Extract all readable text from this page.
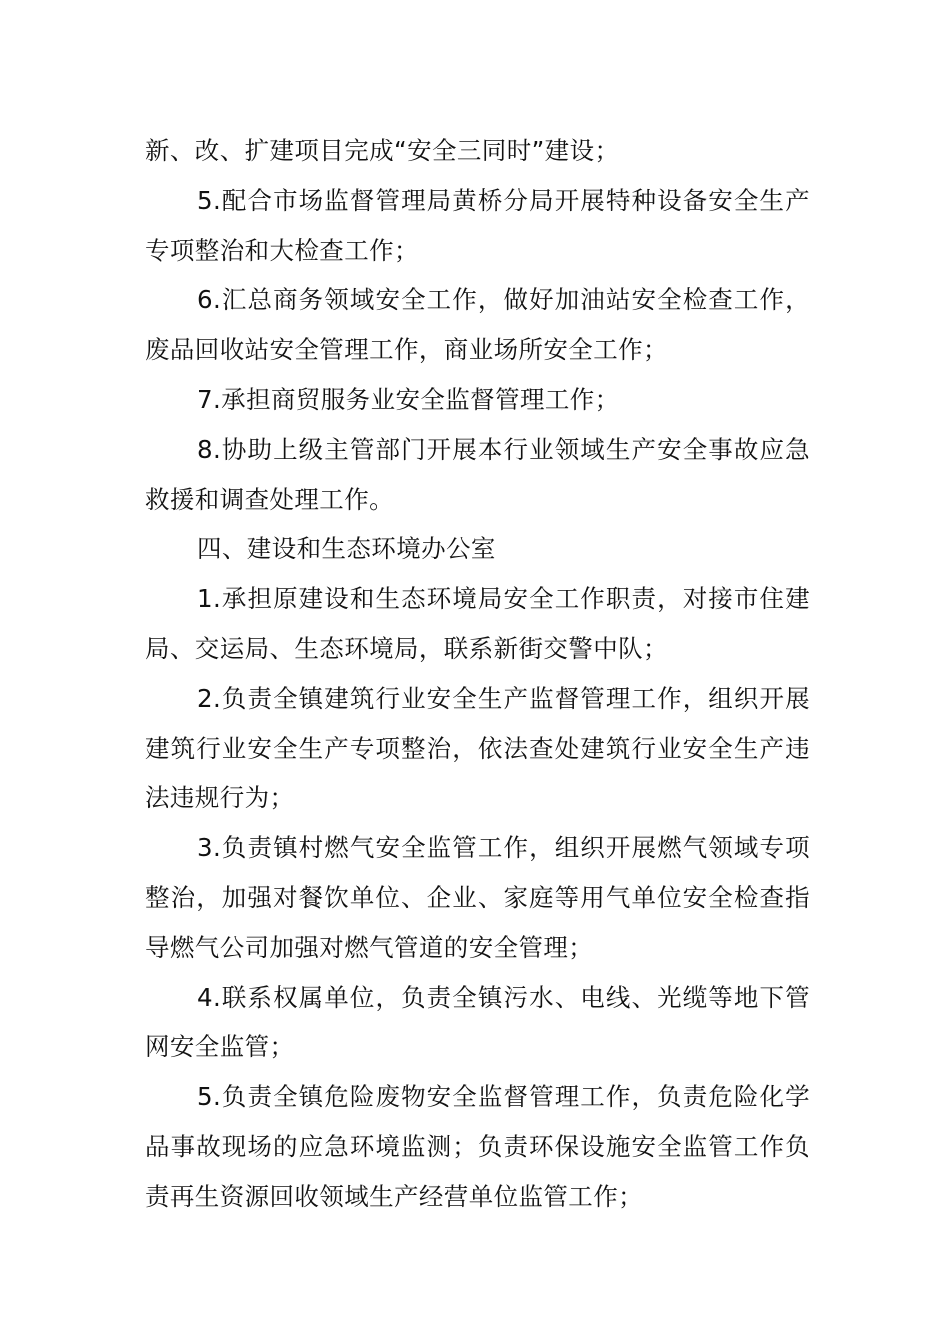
新、改、扩建项目完成“安全三同时”建设；

5.配合市场监督管理局黄桥分局开展特种设备安全生产专项整治和大检查工作；

6.汇总商务领域安全工作，做好加油站安全检查工作，废品回收站安全管理工作，商业场所安全工作；

7.承担商贸服务业安全监督管理工作；

8.协助上级主管部门开展本行业领域生产安全事故应急救援和调查处理工作。

四、建设和生态环境办公室

1.承担原建设和生态环境局安全工作职责，对接市住建局、交运局、生态环境局，联系新街交警中队；

2.负责全镇建筑行业安全生产监督管理工作，组织开展建筑行业安全生产专项整治，依法查处建筑行业安全生产违法违规行为；

3.负责镇村燃气安全监管工作，组织开展燃气领域专项整治，加强对餐饮单位、企业、家庭等用气单位安全检查指导燃气公司加强对燃气管道的安全管理；

4.联系权属单位，负责全镇污水、电线、光缆等地下管网安全监管；

5.负责全镇危险废物安全监督管理工作，负责危险化学品事故现场的应急环境监测；负责环保设施安全监管工作负责再生资源回收领域生产经营单位监管工作；
